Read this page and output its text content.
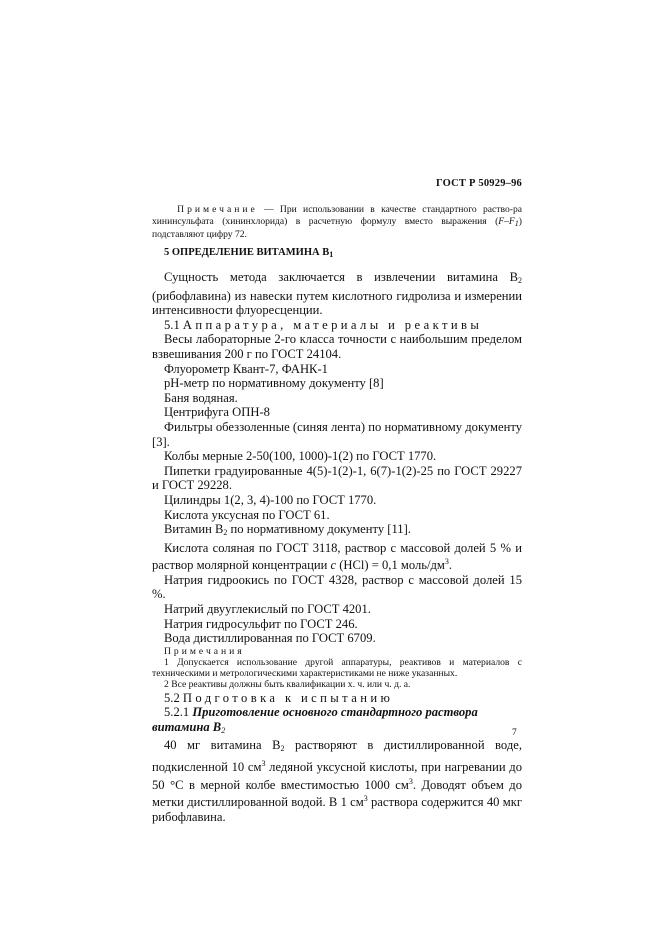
ГОСТ Р 50929–96
Примечание — При использовании в качестве стандартного раство-ра хининсульфата (хининхлорида) в расчетную формулу вместо выражения $(F-F_1)$ подставляют цифру 72.
5 ОПРЕДЕЛЕНИЕ ВИТАМИНА $В_1$

Сущность метода заключается в извлечении витамина $В_2$ (рибофлавина) из навески путем кислотного гидролиза и измерении интенсивности флуоресценции.

5.1 Аппаратура, материалы и реактивы

Весы лабораторные 2-го класса точности с наибольшим пределом взвешивания 200 г по ГОСТ 24104.

Флуорометр Квант-7, ФАНК-1

рН-метр по нормативному документу [8]

Баня водяная.

Центрифуга ОПН-8

Фильтры обеззоленные (синяя лента) по нормативному документу [3].

Колбы мерные 2-50(100, 1000)-1(2) по ГОСТ 1770.

Пипетки градуированные 4(5)-1(2)-1, 6(7)-1(2)-25 по ГОСТ 29227 и ГОСТ 29228.

Цилиндры 1(2, 3, 4)-100 по ГОСТ 1770.

Кислота уксусная по ГОСТ 61.

Витамин $В_2$ по нормативному документу [11].

Кислота соляная по ГОСТ 3118, раствор с массовой долей 5 % и раствор молярной концентрации c (HCl) = 0,1 моль/$дм^3$.

Натрия гидроокись по ГОСТ 4328, раствор с массовой долей 15 %.

Натрий двууглекислый по ГОСТ 4201.

Натрия гидросульфит по ГОСТ 246.

Вода дистиллированная по ГОСТ 6709.

Примечания

1 Допускается использование другой аппаратуры, реактивов и материалов с техническими и метрологическими характеристиками не ниже указанных.

2 Все реактивы должны быть квалификации х. ч. или ч. д. а.

5.2 Подготовка к испытанию

5.2.1 Приготовление основного стандартного раствора витамина $В_2$

40 мг витамина $В_2$ растворяют в дистиллированной воде, подкисленной 10 $см^3$ ледяной уксусной кислоты, при нагревании до 50 °С в мерной колбе вместимостью 1000 $см^3$. Доводят объем до метки дистиллированной водой. В 1 $см^3$ раствора содержится 40 мкг рибофлавина.

7
